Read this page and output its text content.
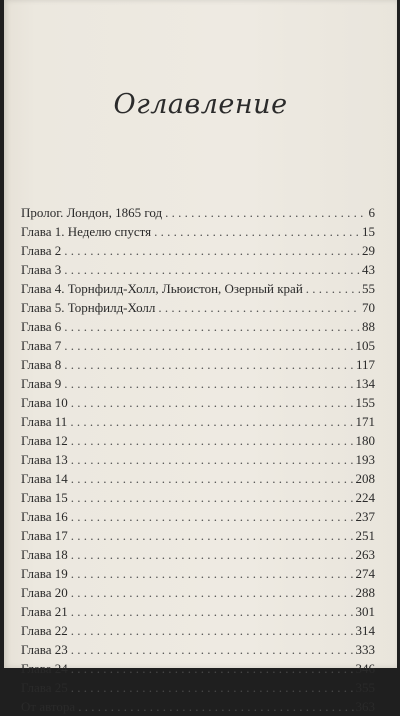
Оглавление
Пролог. Лондон, 1865 год . . .	6
Глава 1. Неделю спустя . . .	15
Глава 2 . . .	29
Глава 3 . . .	43
Глава 4. Торнфилд-Холл, Льюистон, Озерный край . . .	55
Глава 5. Торнфилд-Холл . . .	70
Глава 6 . . .	88
Глава 7 . . .	105
Глава 8 . . .	117
Глава 9 . . .	134
Глава 10 . . .	155
Глава 11 . . .	171
Глава 12 . . .	180
Глава 13 . . .	193
Глава 14 . . .	208
Глава 15 . . .	224
Глава 16 . . .	237
Глава 17 . . .	251
Глава 18 . . .	263
Глава 19 . . .	274
Глава 20 . . .	288
Глава 21 . . .	301
Глава 22 . . .	314
Глава 23 . . .	333
Глава 24 . . .	346
Глава 25 . . .	355
От автора . . .	363
